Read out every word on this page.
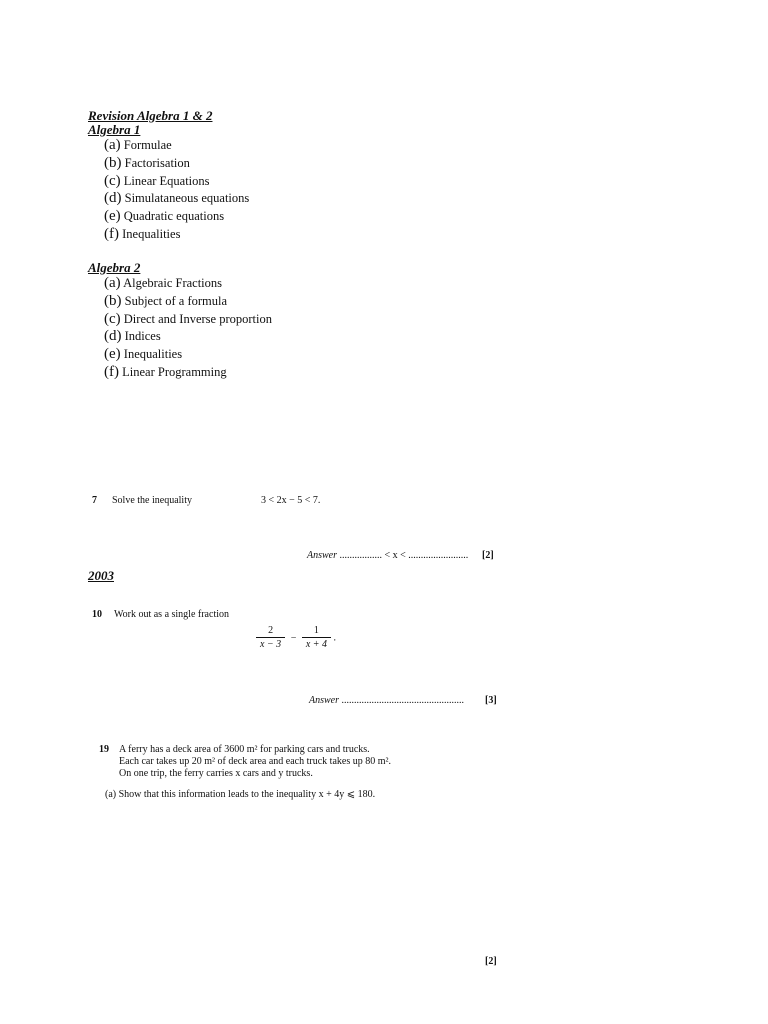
Revision Algebra 1 & 2
Algebra 1
(a) Formulae
(b) Factorisation
(c) Linear Equations
(d) Simulataneous equations
(e) Quadratic equations
(f) Inequalities
Algebra 2
(a) Algebraic Fractions
(b) Subject of a formula
(c) Direct and Inverse proportion
(d) Indices
(e) Inequalities
(f) Linear Programming
7 Solve the inequality	3 < 2x − 5 < 7.
Answer ................. < x < ........................ [2]
2003
10 Work out as a single fraction
$\frac{2}{x - 3} - \frac{1}{x + 4}$ .
Answer ................................................. [3]
19 A ferry has a deck area of 3600 m² for parking cars and trucks.
Each car takes up 20 m² of deck area and each truck takes up 80 m².
On one trip, the ferry carries x cars and y trucks.
(a) Show that this information leads to the inequality x + 4y ⩽ 180.
[2]
